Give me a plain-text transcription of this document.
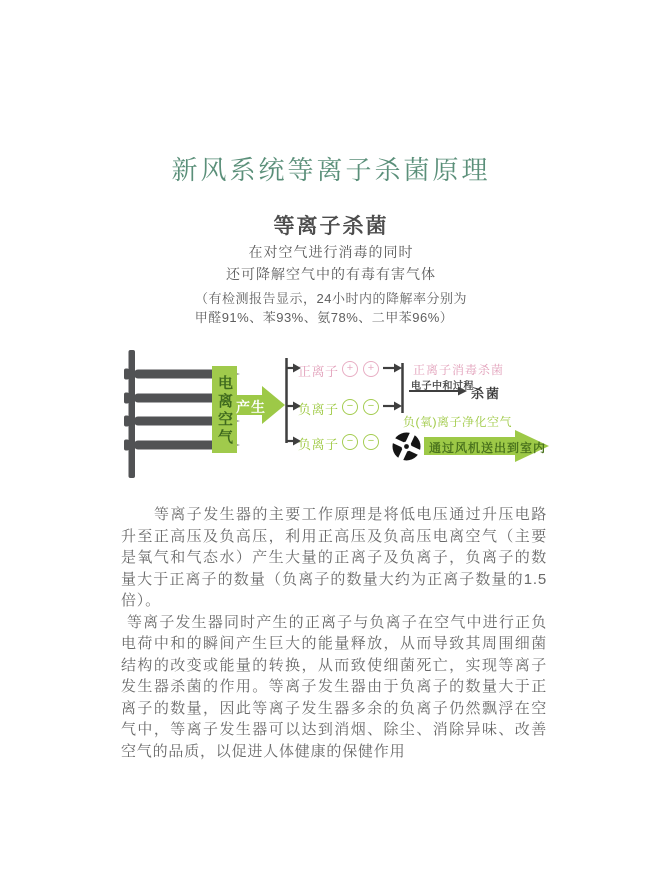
新风系统等离子杀菌原理
等离子杀菌
在对空气进行消毒的同时
还可降解空气中的有毒有害气体
（有检测报告显示，24小时内的降解率分别为
甲醛91%、苯93%、氨78%、二甲苯96%）
电离空气 产生
正离子 +	+
负离子 −	−
负离子 −	−
正离子消毒杀菌
电子中和过程
杀菌
负(氧)离子净化空气
通过风机送出到室内

等离子发生器的主要工作原理是将低电压通过升压电路升至正高压及负高压，利用正高压及负高压电离空气（主要是氧气和气态水）产生大量的正离子及负离子，负离子的数量大于正离子的数量（负离子的数量大约为正离子数量的1.5倍）。

等离子发生器同时产生的正离子与负离子在空气中进行正负电荷中和的瞬间产生巨大的能量释放，从而导致其周围细菌结构的改变或能量的转换，从而致使细菌死亡，实现等离子发生器杀菌的作用。等离子发生器由于负离子的数量大于正离子的数量，因此等离子发生器多余的负离子仍然飘浮在空气中，等离子发生器可以达到消烟、除尘、消除异味、改善空气的品质，以促进人体健康的保健作用
